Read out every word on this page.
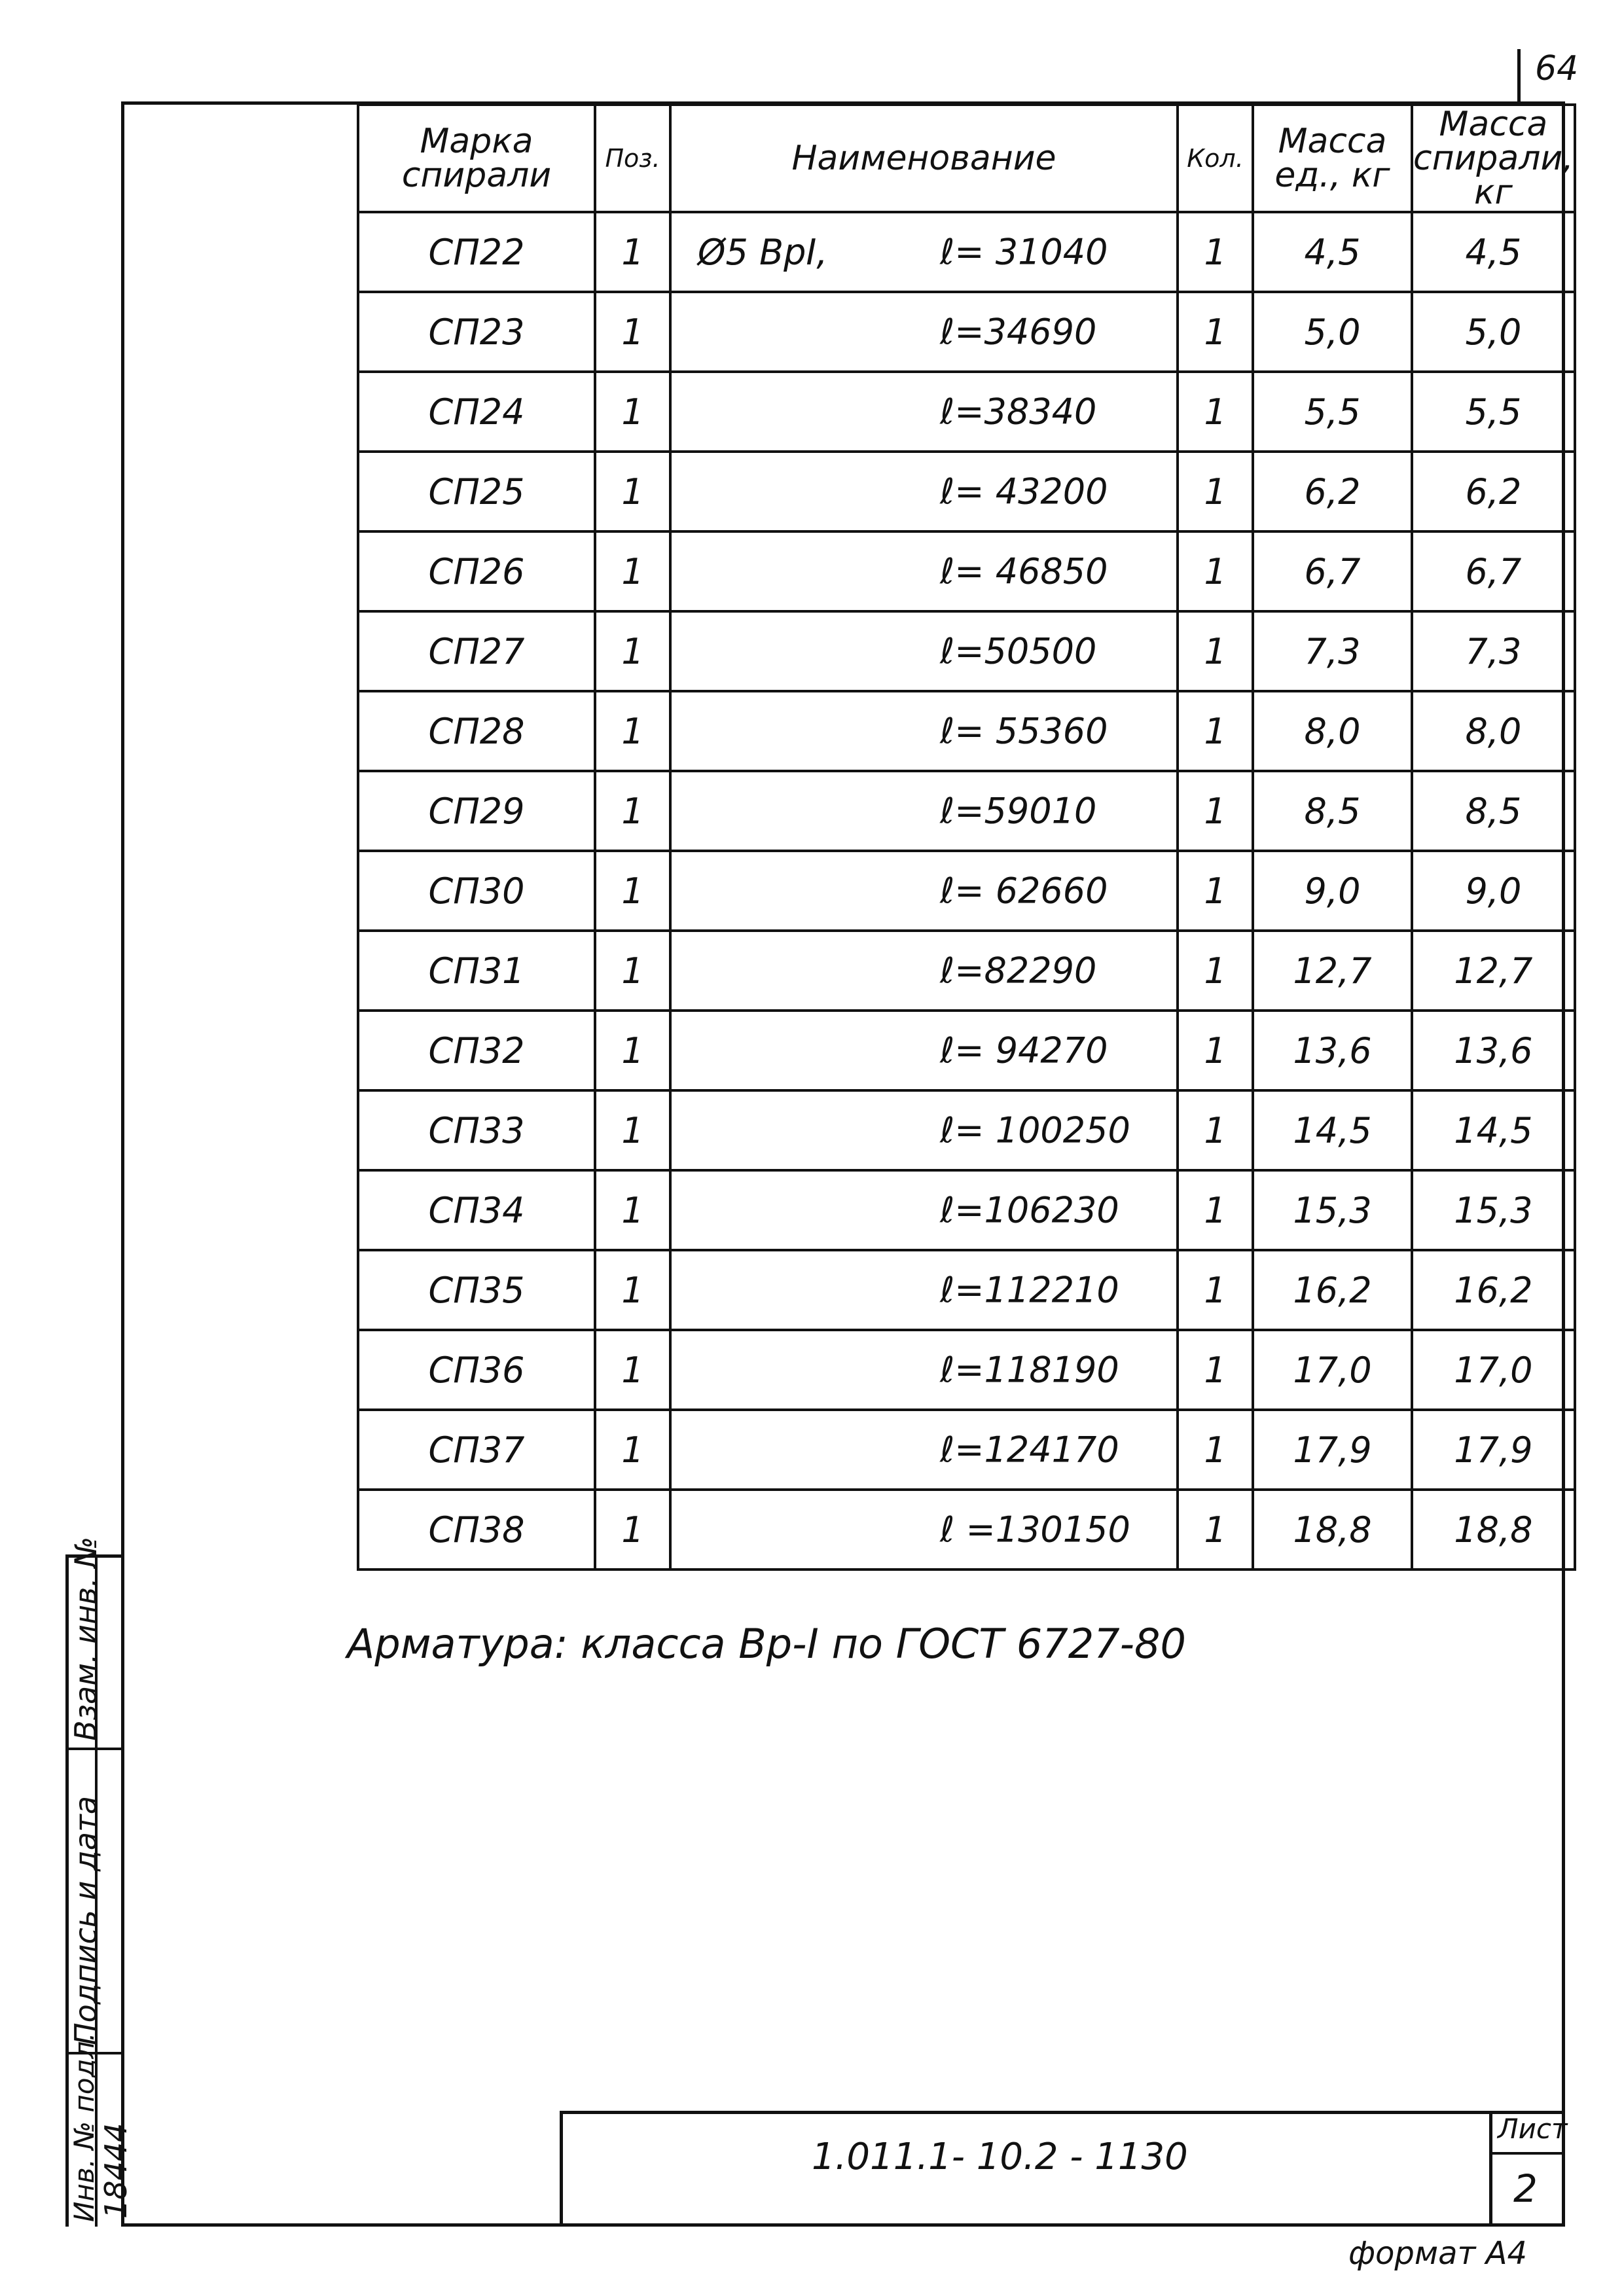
64
Марка спирали	Поз.	Наименование	Кол.	Масса ед., кг	Масса спирали, кг
СП22	1	Ø5 BpI, ℓ= 31040	1	4,5	4,5
СП23	1	ℓ=34690	1	5,0	5,0
СП24	1	ℓ=38340	1	5,5	5,5
СП25	1	ℓ= 43200	1	6,2	6,2
СП26	1	ℓ= 46850	1	6,7	6,7
СП27	1	ℓ=50500	1	7,3	7,3
СП28	1	ℓ= 55360	1	8,0	8,0
СП29	1	ℓ=59010	1	8,5	8,5
СП30	1	ℓ= 62660	1	9,0	9,0
СП31	1	ℓ=82290	1	12,7	12,7
СП32	1	ℓ= 94270	1	13,6	13,6
СП33	1	ℓ= 100250	1	14,5	14,5
СП34	1	ℓ=106230	1	15,3	15,3
СП35	1	ℓ=112210	1	16,2	16,2
СП36	1	ℓ=118190	1	17,0	17,0
СП37	1	ℓ=124170	1	17,9	17,9
СП38	1	ℓ =130150	1	18,8	18,8
Арматура: класса Bp-I по ГОСТ 6727-80
1.011.1- 10.2 - 1130
Лист
2
формат А4
Взам. инв. №
Подпись и дата
Инв. № подл.
18444
